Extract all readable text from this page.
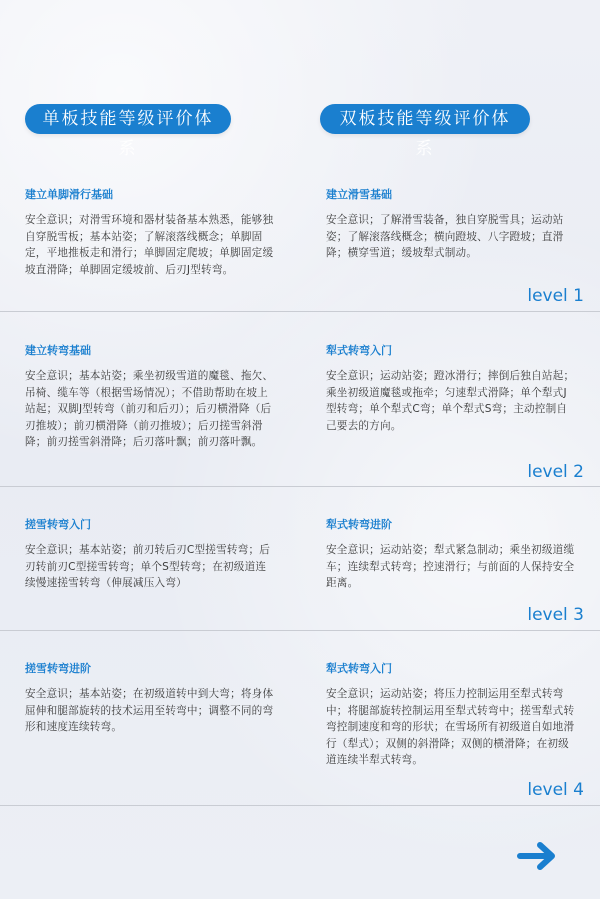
单板技能等级评价体系
双板技能等级评价体系
建立单脚滑行基础
安全意识；对滑雪环境和器材装备基本熟悉，能够独自穿脱雪板；基本站姿；了解滚落线概念；单脚固定，平地推板走和滑行；单脚固定爬坡；单脚固定缓坡直滑降；单脚固定缓坡前、后刃J型转弯。
建立滑雪基础
安全意识；了解滑雪装备，独自穿脱雪具；运动站姿；了解滚落线概念；横向蹬坡、八字蹬坡；直滑降；横穿雪道；缓坡犁式制动。
level 1
建立转弯基础
安全意识；基本站姿；乘坐初级雪道的魔毯、拖欠、吊椅、缆车等（根据雪场情况）；不借助帮助在坡上站起；双脚J型转弯（前刃和后刃）；后刃横滑降（后刃推坡）；前刃横滑降（前刃推坡）；后刃搓雪斜滑降；前刃搓雪斜滑降；后刃落叶飘；前刃落叶飘。
犁式转弯入门
安全意识；运动站姿；蹬冰滑行；摔倒后独自站起；乘坐初级道魔毯或拖牵；匀速犁式滑降；单个犁式J型转弯；单个犁式C弯；单个犁式S弯；主动控制自己要去的方向。
level 2
搓雪转弯入门
安全意识；基本站姿；前刃转后刃C型搓雪转弯；后刃转前刃C型搓雪转弯；单个S型转弯；在初级道连续慢速搓雪转弯（伸展减压入弯）
犁式转弯进阶
安全意识；运动站姿；犁式紧急制动；乘坐初级道缆车；连续犁式转弯；控速滑行；与前面的人保持安全距离。
level 3
搓雪转弯进阶
安全意识；基本站姿；在初级道转中到大弯；将身体屈伸和腿部旋转的技术运用至转弯中；调整不同的弯形和速度连续转弯。
犁式转弯入门
安全意识；运动站姿；将压力控制运用至犁式转弯中；将腿部旋转控制运用至犁式转弯中；搓雪犁式转弯控制速度和弯的形状；在雪场所有初级道自如地滑行（犁式）；双侧的斜滑降；双侧的横滑降；在初级道连续半犁式转弯。
level 4
